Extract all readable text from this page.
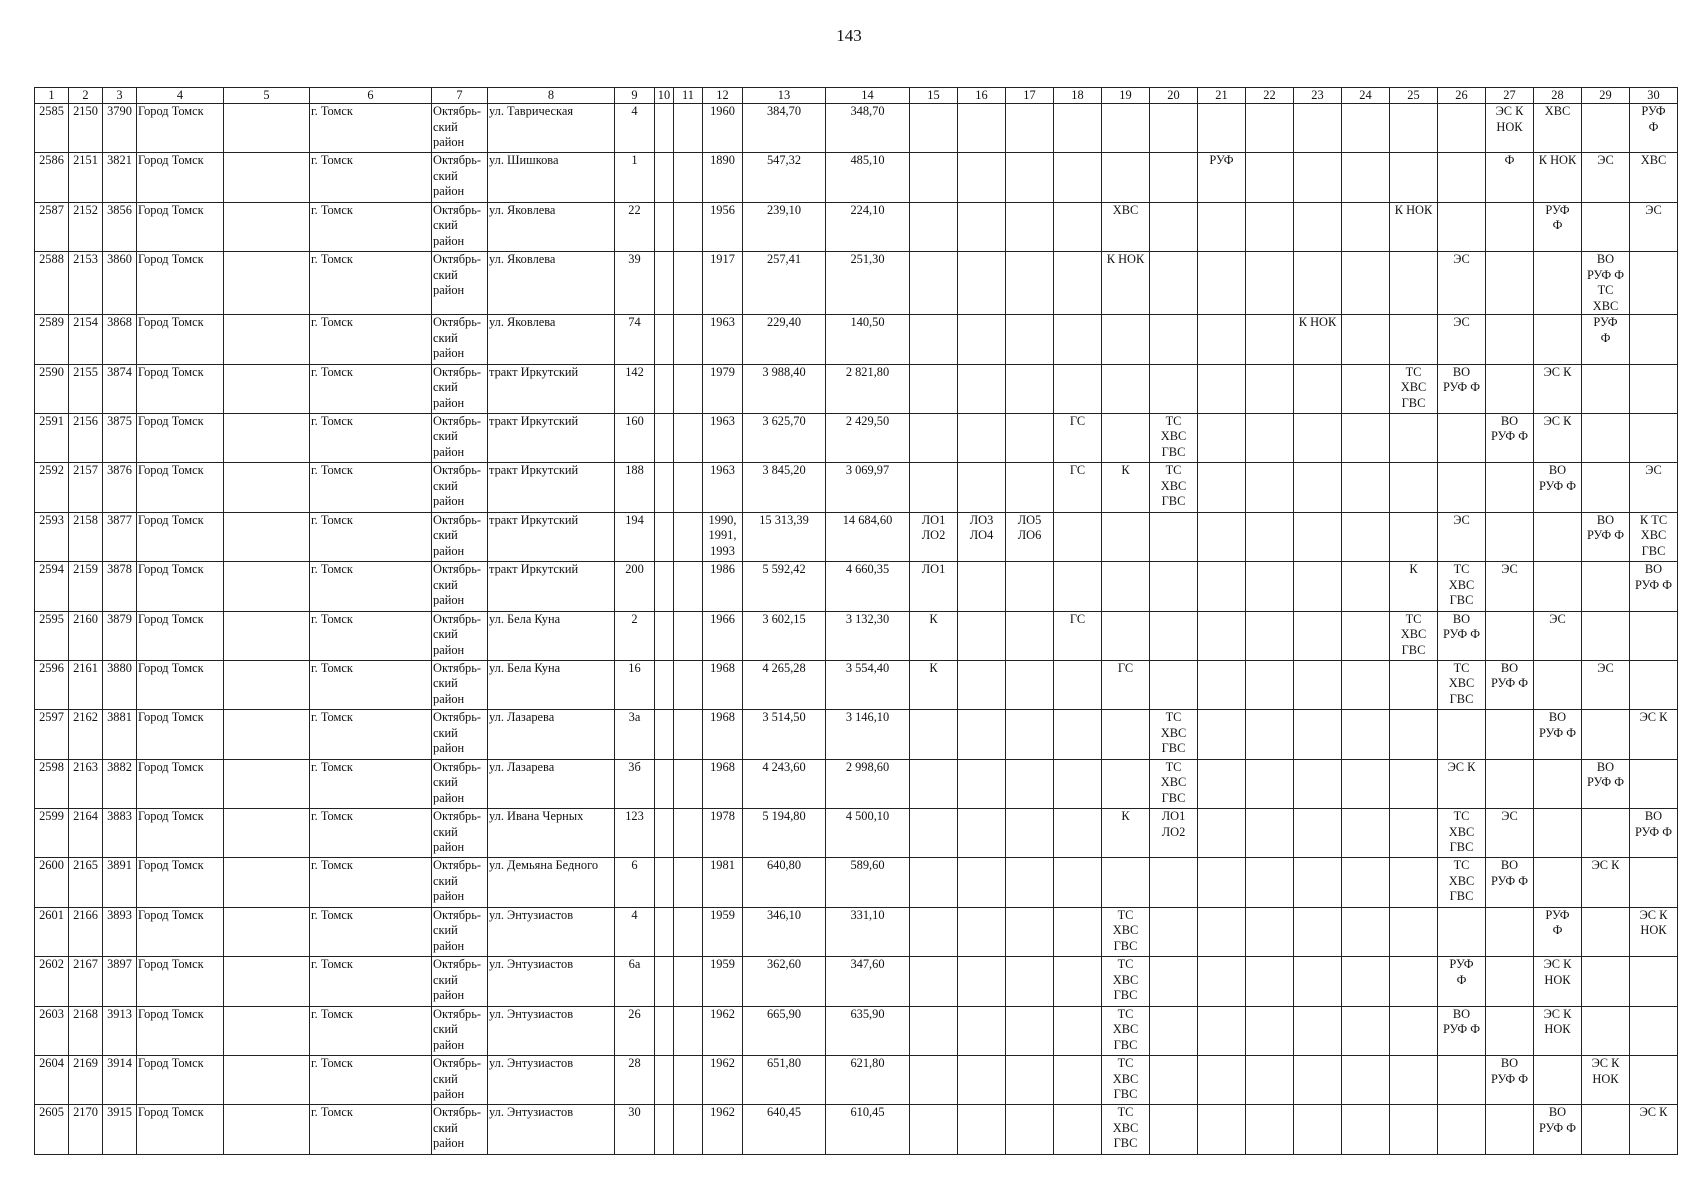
143
1	2	3	4	5	6	7	8	9	10	11	12	13	14	15	16	17	18	19	20	21	22	23	24	25	26	27	28	29	30
2585	2150	3790	Город Томск		г. Томск	Октябрь-
ский
район	ул. Таврическая	4			1960	384,70	348,70													ЭС К
НОК	ХВС		РУФ
Ф

2586	2151	3821	Город Томск		г. Томск	Октябрь-
ский
район	ул. Шишкова	1			1890	547,32	485,10							РУФ						Ф	К НОК	ЭС	ХВС

2587	2152	3856	Город Томск		г. Томск	Октябрь-
ский
район	ул. Яковлева	22			1956	239,10	224,10					ХВС						К НОК			РУФ
Ф		ЭС

2588	2153	3860	Город Томск		г. Томск	Октябрь-
ский
район	ул. Яковлева	39			1917	257,41	251,30					К НОК							ЭС			ВО
РУФ Ф
ТС
ХВС	

2589	2154	3868	Город Томск		г. Томск	Октябрь-
ский
район	ул. Яковлева	74			1963	229,40	140,50									К НОК			ЭС			РУФ
Ф	

2590	2155	3874	Город Томск		г. Томск	Октябрь-
ский
район	тракт Иркутский	142			1979	3 988,40	2 821,80											ТС
ХВС
ГВС	ВО
РУФ Ф		ЭС К		

2591	2156	3875	Город Томск		г. Томск	Октябрь-
ский
район	тракт Иркутский	160			1963	3 625,70	2 429,50				ГС		ТС
ХВС
ГВС							ВО
РУФ Ф	ЭС К		

2592	2157	3876	Город Томск		г. Томск	Октябрь-
ский
район	тракт Иркутский	188			1963	3 845,20	3 069,97				ГС	К	ТС
ХВС
ГВС								ВО
РУФ Ф		ЭС

2593	2158	3877	Город Томск		г. Томск	Октябрь-
ский
район	тракт Иркутский	194			1990,
1991,
1993	15 313,39	14 684,60	ЛО1
ЛО2	ЛО3
ЛО4	ЛО5
ЛО6									ЭС			ВО
РУФ Ф	К ТС
ХВС
ГВС

2594	2159	3878	Город Томск		г. Томск	Октябрь-
ский
район	тракт Иркутский	200			1986	5 592,42	4 660,35	ЛО1										К	ТС
ХВС
ГВС	ЭС			ВО
РУФ Ф

2595	2160	3879	Город Томск		г. Томск	Октябрь-
ский
район	ул. Бела Куна	2			1966	3 602,15	3 132,30	К			ГС							ТС
ХВС
ГВС	ВО
РУФ Ф		ЭС		

2596	2161	3880	Город Томск		г. Томск	Октябрь-
ский
район	ул. Бела Куна	16			1968	4 265,28	3 554,40	К				ГС							ТС
ХВС
ГВС	ВО
РУФ Ф		ЭС	

2597	2162	3881	Город Томск		г. Томск	Октябрь-
ский
район	ул. Лазарева	3а			1968	3 514,50	3 146,10						ТС
ХВС
ГВС								ВО
РУФ Ф		ЭС К

2598	2163	3882	Город Томск		г. Томск	Октябрь-
ский
район	ул. Лазарева	3б			1968	4 243,60	2 998,60						ТС
ХВС
ГВС						ЭС К			ВО
РУФ Ф	

2599	2164	3883	Город Томск		г. Томск	Октябрь-
ский
район	ул. Ивана Черных	123			1978	5 194,80	4 500,10					К	ЛО1
ЛО2						ТС
ХВС
ГВС	ЭС			ВО
РУФ Ф

2600	2165	3891	Город Томск		г. Томск	Октябрь-
ский
район	ул. Демьяна Бедного	6			1981	640,80	589,60												ТС
ХВС
ГВС	ВО
РУФ Ф		ЭС К	

2601	2166	3893	Город Томск		г. Томск	Октябрь-
ский
район	ул. Энтузиастов	4			1959	346,10	331,10					ТС
ХВС
ГВС									РУФ
Ф		ЭС К
НОК

2602	2167	3897	Город Томск		г. Томск	Октябрь-
ский
район	ул. Энтузиастов	6а			1959	362,60	347,60					ТС
ХВС
ГВС							РУФ
Ф		ЭС К
НОК		

2603	2168	3913	Город Томск		г. Томск	Октябрь-
ский
район	ул. Энтузиастов	26			1962	665,90	635,90					ТС
ХВС
ГВС							ВО
РУФ Ф		ЭС К
НОК		

2604	2169	3914	Город Томск		г. Томск	Октябрь-
ский
район	ул. Энтузиастов	28			1962	651,80	621,80					ТС
ХВС
ГВС								ВО
РУФ Ф		ЭС К
НОК	

2605	2170	3915	Город Томск		г. Томск	Октябрь-
ский
район	ул. Энтузиастов	30			1962	640,45	610,45					ТС
ХВС
ГВС									ВО
РУФ Ф		ЭС К
